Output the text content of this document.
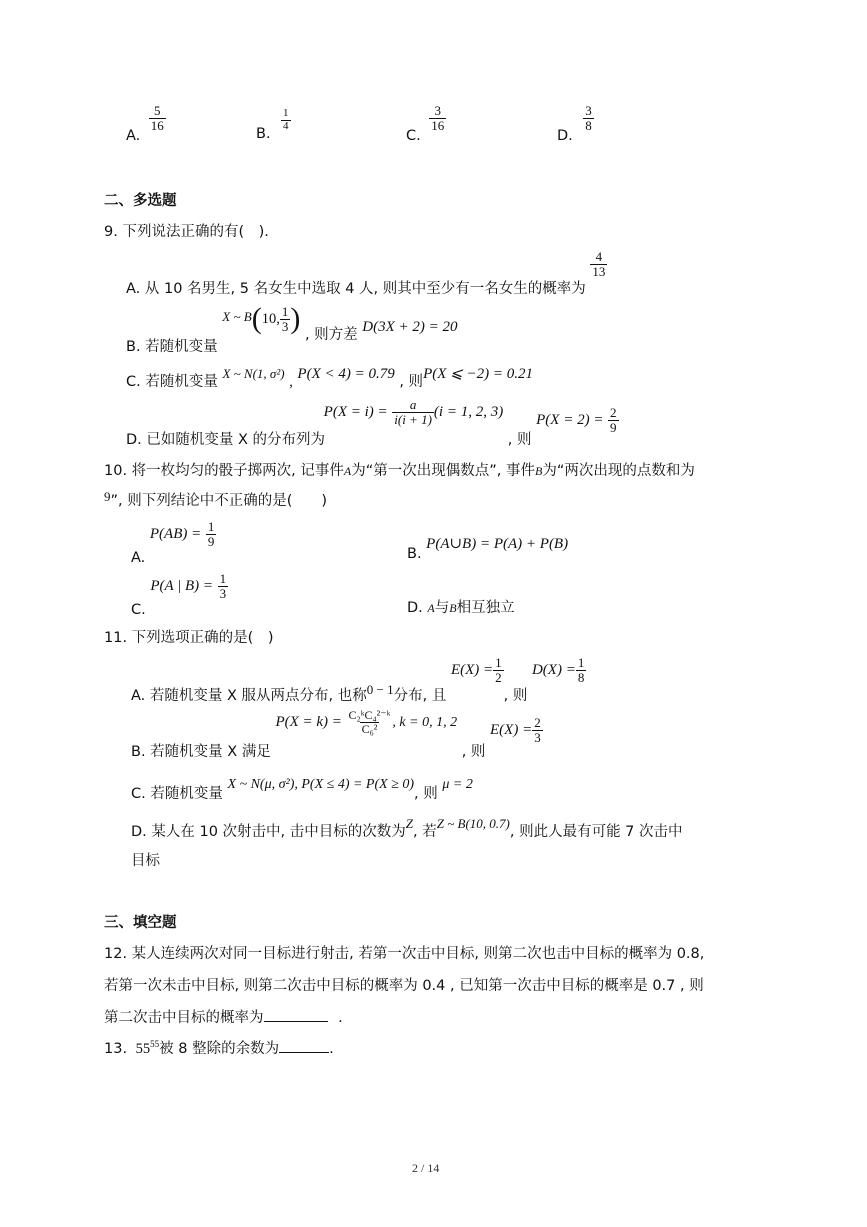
A.
$\frac{5}{16}$
B.
$\frac{1}{4}$
C.
$\frac{3}{16}$
D.
$\frac{3}{8}$
二、多选题
9. 下列说法正确的有(　).
A. 从 10 名男生, 5 名女生中选取 4 人, 则其中至少有一名女生的概率为
$\frac{4}{13}$
B. 若随机变量 X ~ B(10, $\frac{1}{3}$ ) , 则方差 D(3X + 2) = 20
C. 若随机变量 X ~ N(1, σ²) , P(X < 4) = 0.79 , 则P(X ⩽ −2) = 0.21
D. 已如随机变量 X 的分布列为 $P(X = i) = \frac{a}{i(i + 1)} (i = 1$, 2, 3) , 则 $P(X = 2) = \frac{2}{9}$
10. 将一枚均匀的骰子掷两次, 记事件A为“第一次出现偶数点”, 事件B为“两次出现的点数和为
9”, 则下列结论中不正确的是(　　)
A. $P(AB) = \frac{1}{9}$
B. P(A∪B) = P(A) + P(B)
C. P(A | $B) = \frac{1}{3}$
D. A与B相互独立
11. 下列选项正确的是(　)
A. 若随机变量 X 服从两点分布, 也称0 − 1分布, 且 $E(X) = \frac{1}{2}$
, 则 $D(X) = \frac{1}{8}$
B. 若随机变量 X 满足 $P(X = k) = \frac{\text{C₂ᵏC₄²⁻ᵏ}}{\text{C₆²}}$ , k = 0, 1, 2 , 则 $E(X) = \frac{2}{3}$
C. 若随机变量 X ~ N(μ, σ²), P(X ≤ 4) = P(X ≥ 0), 则 μ = 2
D. 某人在 10 次射击中, 击中目标的次数为Z, 若Z ~ B(10, 0.7), 则此人最有可能 7 次击中
目标
三、填空题
12. 某人连续两次对同一目标进行射击, 若第一次击中目标, 则第二次也击中目标的概率为 0.8,
若第一次未击中目标, 则第二次击中目标的概率为 0.4 , 已知第一次击中目标的概率是 0.7 , 则
第二次击中目标的概率为	.
13. $55^{55}$被 8 整除的余数为	.
2 / 14
